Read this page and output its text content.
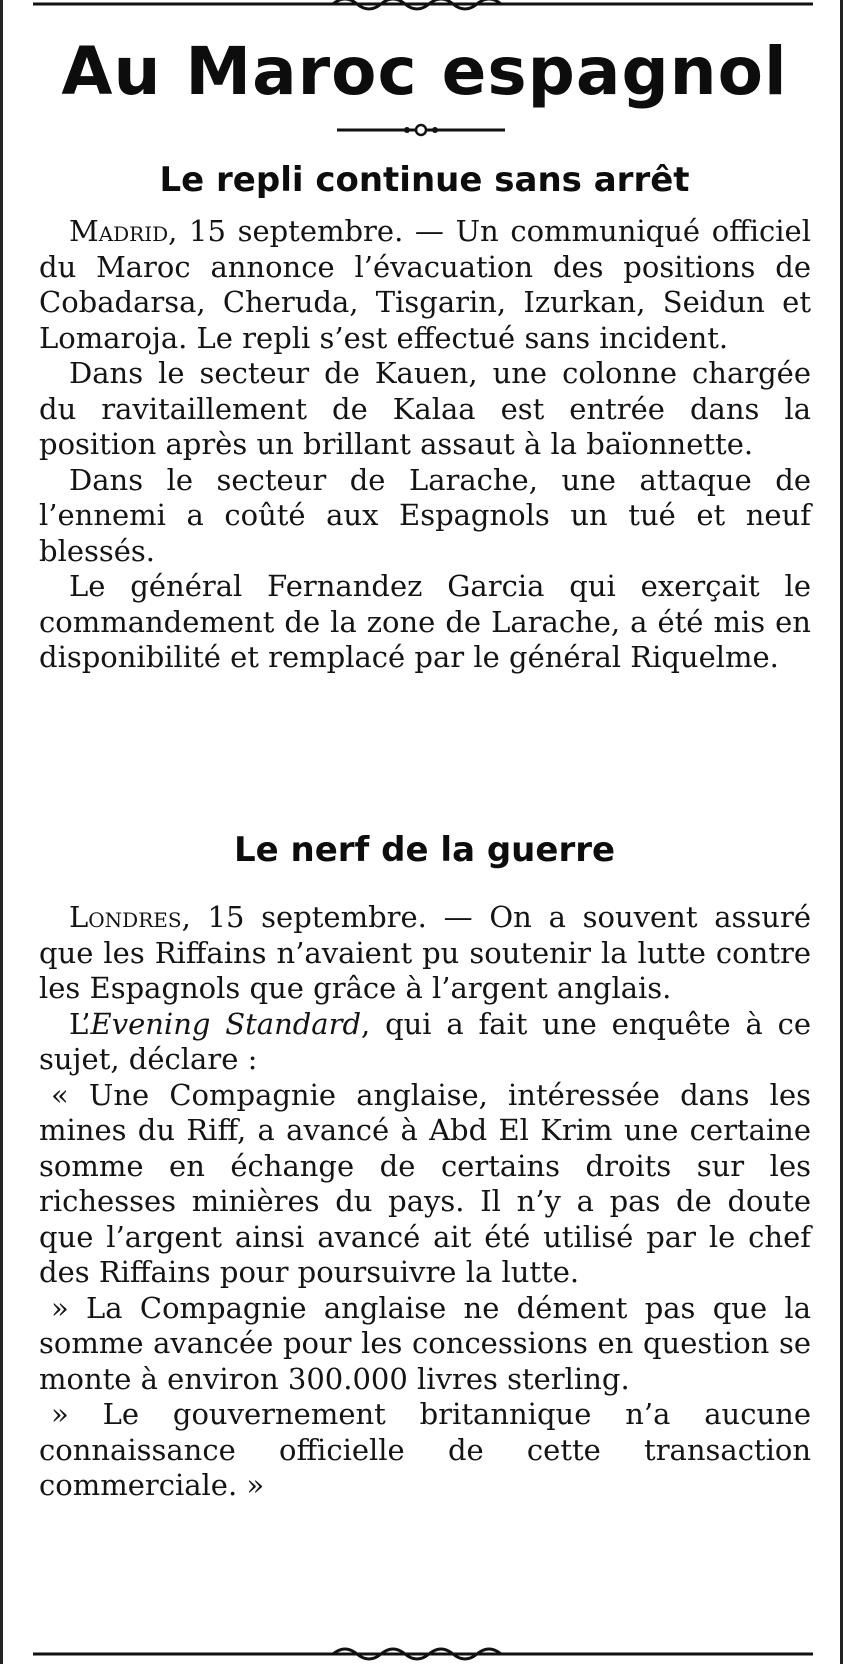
Au Maroc espagnol
Le repli continue sans arrêt

Madrid, 15 septembre. — Un communiqué officiel du Maroc annonce l’évacuation des positions de Cobadarsa, Cheruda, Tisgarin, Izurkan, Seidun et Lomaroja. Le repli s’est effectué sans incident.

Dans le secteur de Kauen, une colonne chargée du ravitaillement de Kalaa est entrée dans la position après un brillant assaut à la baïonnette.

Dans le secteur de Larache, une attaque de l’ennemi a coûté aux Espagnols un tué et neuf blessés.

Le général Fernandez Garcia qui exerçait le commandement de la zone de Larache, a été mis en disponibilité et remplacé par le général Riquelme.

Le nerf de la guerre

Londres, 15 septembre. — On a souvent assuré que les Riffains n’avaient pu soutenir la lutte contre les Espagnols que grâce à l’argent anglais.

L’Evening Standard, qui a fait une enquête à ce sujet, déclare :

« Une Compagnie anglaise, intéressée dans les mines du Riff, a avancé à Abd El Krim une certaine somme en échange de certains droits sur les richesses minières du pays. Il n’y a pas de doute que l’argent ainsi avancé ait été utilisé par le chef des Riffains pour poursuivre la lutte.

» La Compagnie anglaise ne dément pas que la somme avancée pour les concessions en question se monte à environ 300.000 livres sterling.

» Le gouvernement britannique n’a aucune connaissance officielle de cette transaction commerciale. »
